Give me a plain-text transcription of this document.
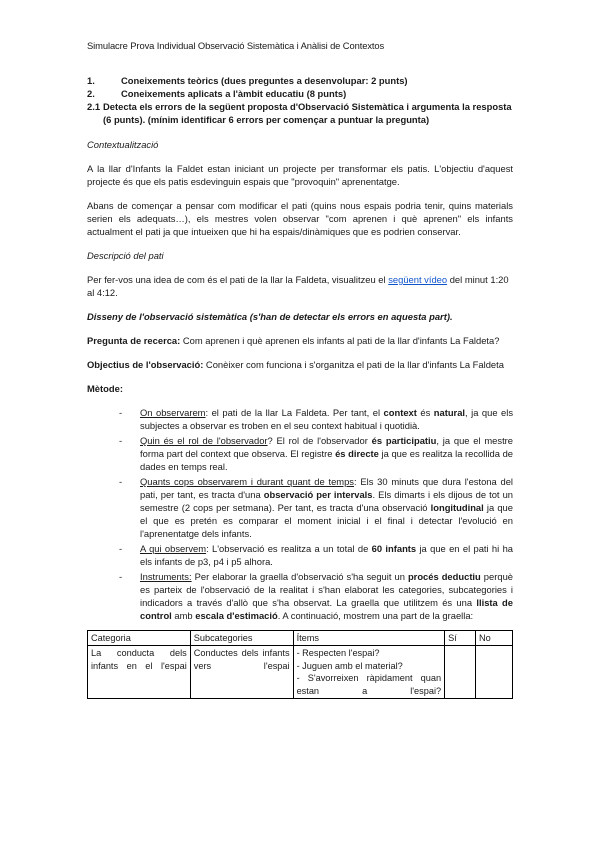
Simulacre Prova Individual Observació Sistemàtica i Anàlisi de Contextos
1.	Coneixements teòrics (dues preguntes a desenvolupar: 2 punts)
2.	Coneixements aplicats a l'àmbit educatiu (8 punts)
2.1 Detecta els errors de la següent proposta d'Observació Sistemàtica i argumenta la resposta (6 punts). (mínim identificar 6 errors per començar a puntuar la pregunta)

Contextualització

A la llar d'Infants la Faldet estan iniciant un projecte per transformar els patis. L'objectiu d'aquest projecte és que els patis esdevinguin espais que "provoquin" aprenentatge.

Abans de començar a pensar com modificar el pati (quins nous espais podria tenir, quins materials serien els adequats…), els mestres volen observar "com aprenen i què aprenen" els infants actualment el pati ja que intueixen que hi ha espais/dinàmiques que es podrien conservar.

Descripció del pati

Per fer-vos una idea de com és el pati de la llar la Faldeta, visualitzeu el següent vídeo del minut 1:20 al 4:12.

Disseny de l'observació sistemàtica (s'han de detectar els errors en aquesta part).

Pregunta de recerca: Com aprenen i què aprenen els infants al pati de la llar d'infants La Faldeta?

Objectius de l'observació: Conèixer com funciona i s'organitza el pati de la llar d'infants La Faldeta

Mètode:

-	On observarem: el pati de la llar La Faldeta. Per tant, el context és natural, ja que els subjectes a observar es troben en el seu context habitual i quotidià.
-	Quin és el rol de l'observador? El rol de l'observador és participatiu, ja que el mestre forma part del context que observa. El registre és directe ja que es realitza la recollida de dades en temps real.
-	Quants cops observarem i durant quant de temps: Els 30 minuts que dura l'estona del pati, per tant, es tracta d'una observació per intervals. Els dimarts i els dijous de tot un semestre (2 cops per setmana). Per tant, es tracta d'una observació longitudinal ja que el que es pretén es comparar el moment inicial i el final i detectar l'evolució en l'aprenentatge dels infants.
-	A qui observem: L'observació es realitza a un total de 60 infants ja que en el pati hi ha els infants de p3, p4 i p5 alhora.
-	Instruments: Per elaborar la graella d'observació s'ha seguit un procés deductiu perquè es parteix de l'observació de la realitat i s'han elaborat les categories, subcategories i indicadors a través d'allò que s'ha observat. La graella que utilitzem és una llista de control amb escala d'estimació. A continuació, mostrem una part de la graella:
Categoria	Subcategories	Ítems	Sí	No
La conducta dels infants en el l'espai	Conductes dels infants vers l'espai	- Respecten l'espai?
- Juguen amb el material?
- S'avorreixen ràpidament quan estan a l'espai?		
